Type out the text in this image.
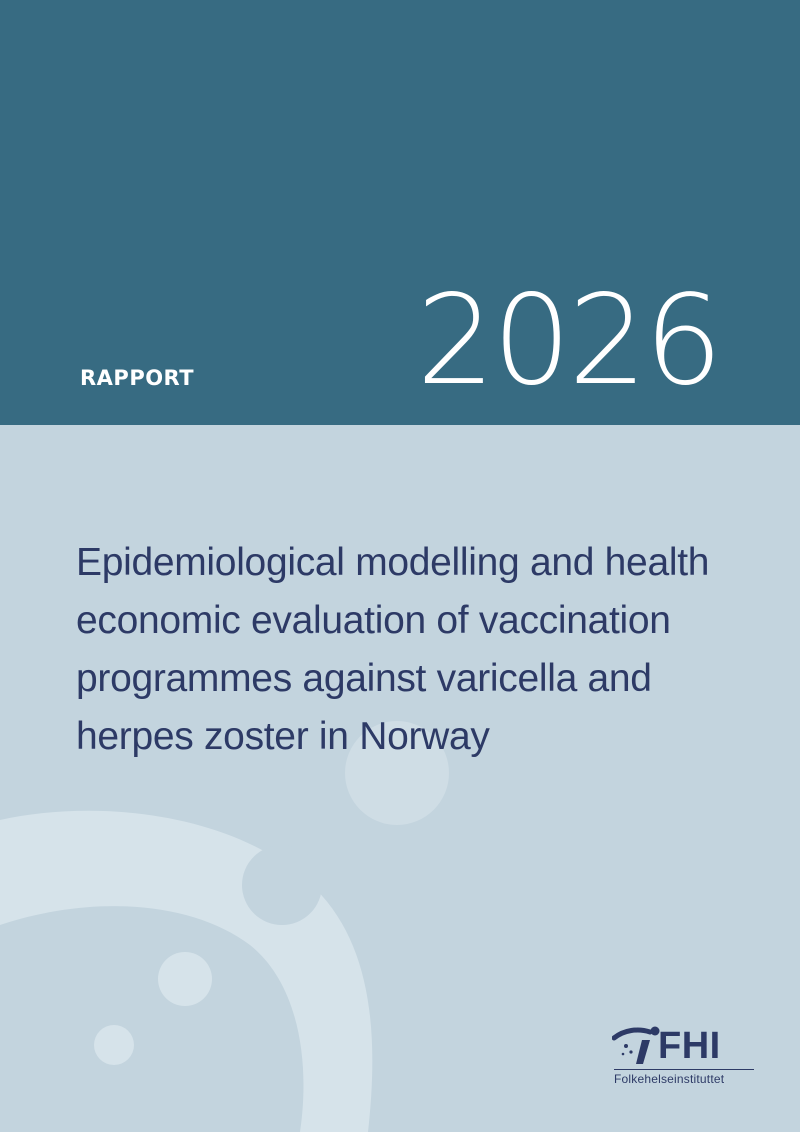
RAPPORT 2026
Epidemiological modelling and health economic evaluation of vaccination programmes against varicella and herpes zoster in Norway
FHI
Folkehelseinstituttet
